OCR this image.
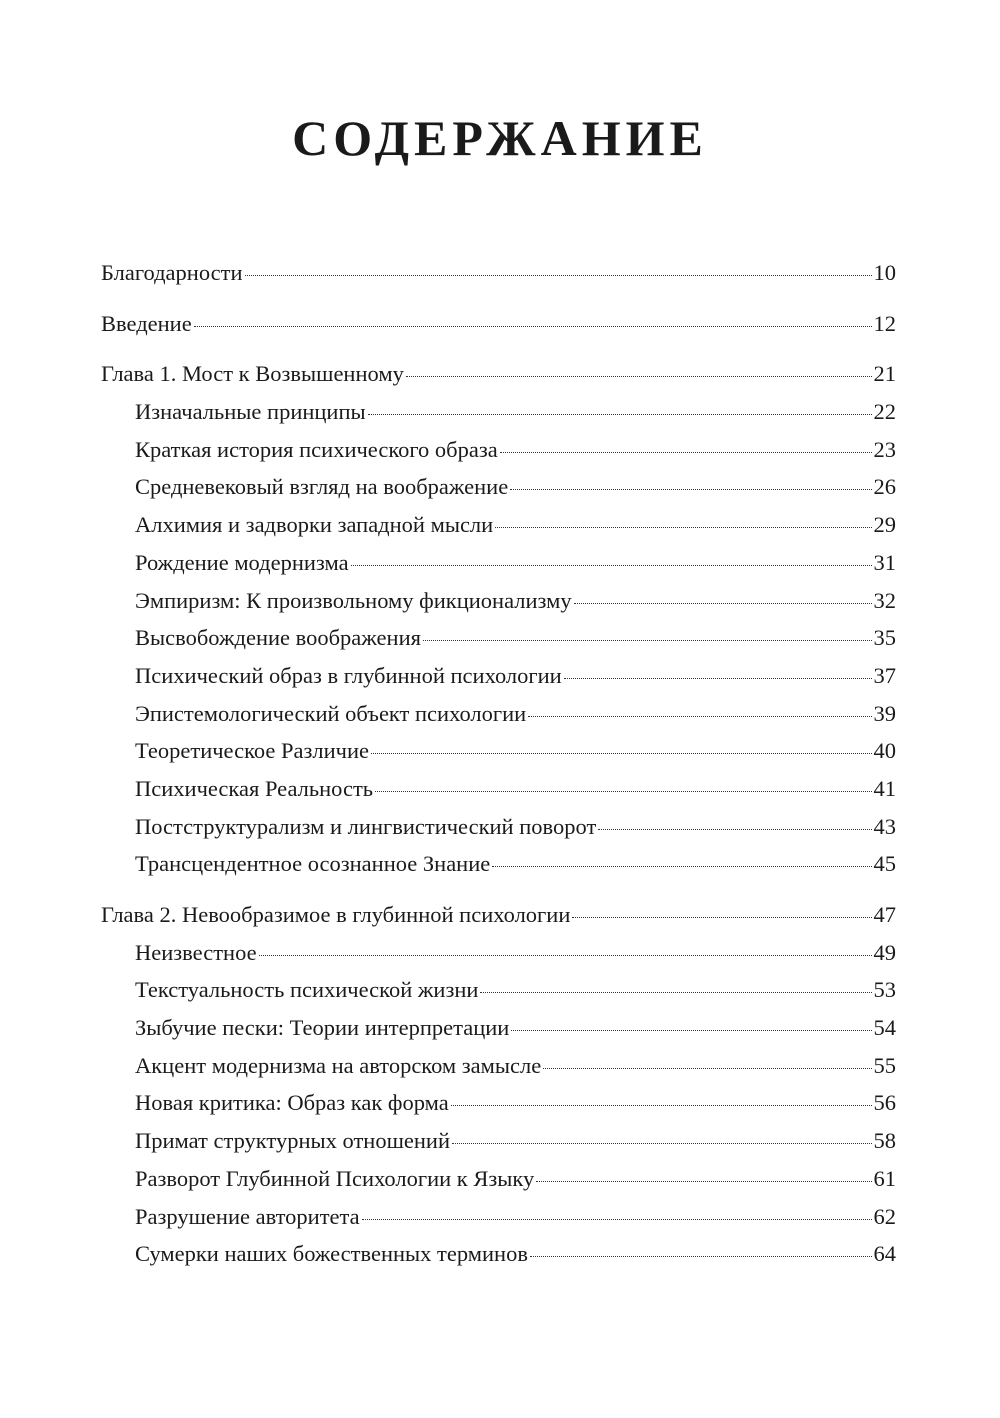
СОДЕРЖАНИЕ
Благодарности	10
Введение	12
Глава 1. Мост к Возвышенному	21
Изначальные принципы	22
Краткая история психического образа	23
Средневековый взгляд на воображение	26
Алхимия и задворки западной мысли	29
Рождение модернизма	31
Эмпиризм: К произвольному фикционализму	32
Высвобождение воображения	35
Психический образ в глубинной психологии	37
Эпистемологический объект психологии	39
Теоретическое Различие	40
Психическая Реальность	41
Постструктурализм и лингвистический поворот	43
Трансцендентное осознанное Знание	45
Глава 2. Невообразимое в глубинной психологии	47
Неизвестное	49
Текстуальность психической жизни	53
Зыбучие пески: Теории интерпретации	54
Акцент модернизма на авторском замысле	55
Новая критика: Образ как форма	56
Примат структурных отношений	58
Разворот Глубинной Психологии к Языку	61
Разрушение авторитета	62
Сумерки наших божественных терминов	64
